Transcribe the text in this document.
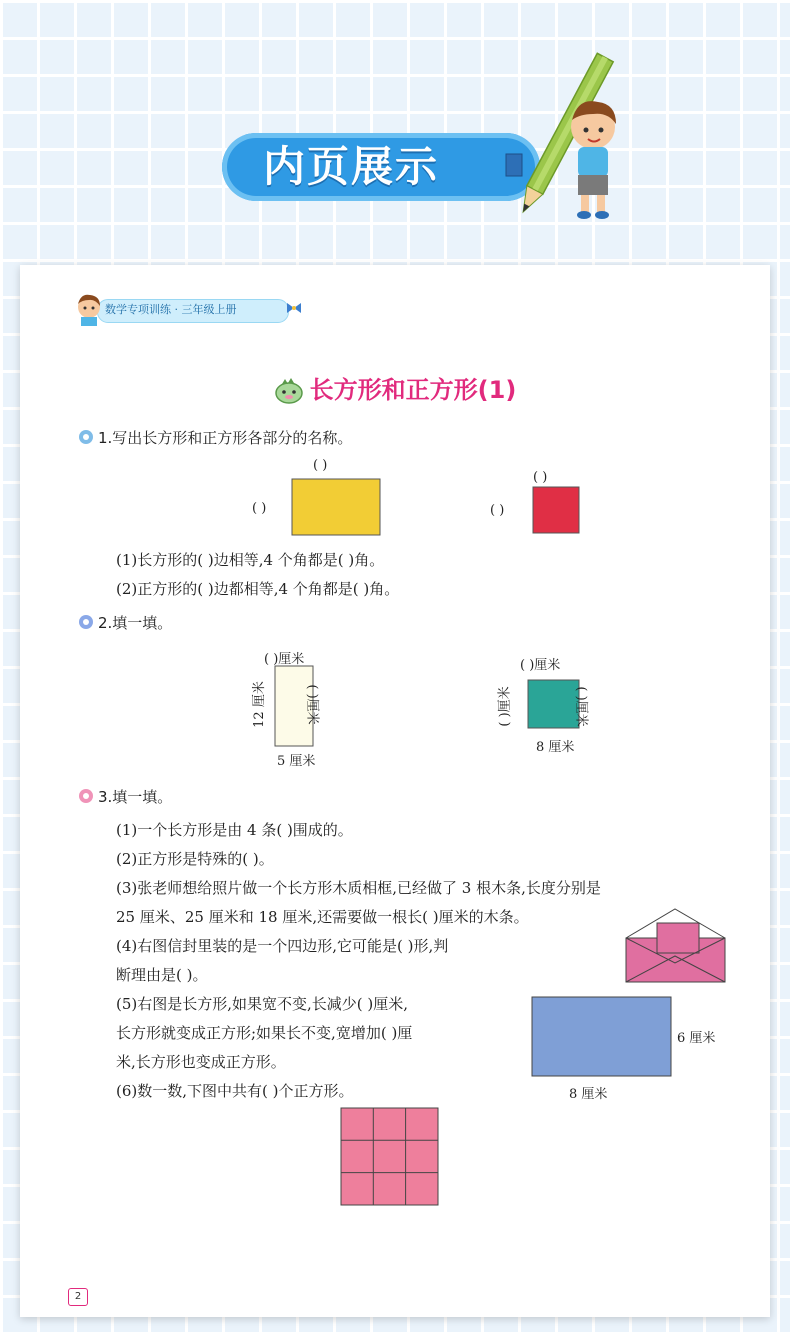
内页展示
数学专项训练 · 三年级上册
长方形和正方形(1)
1.写出长方形和正方形各部分的名称。
( )
( )
( )
( )
(1)长方形的( )边相等,4 个角都是( )角。
(2)正方形的( )边都相等,4 个角都是( )角。
2.填一填。
( )厘米
12 厘米	( )厘米
5 厘米
( )厘米
( )厘米	( )厘米
8 厘米
3.填一填。
(1)一个长方形是由 4 条( )围成的。
(2)正方形是特殊的( )。
(3)张老师想给照片做一个长方形木质相框,已经做了 3 根木条,长度分别是
25 厘米、25 厘米和 18 厘米,还需要做一根长( )厘米的木条。
(4)右图信封里装的是一个四边形,它可能是( )形,判
断理由是( )。
(5)右图是长方形,如果宽不变,长减少( )厘米,
长方形就变成正方形;如果长不变,宽增加( )厘
米,长方形也变成正方形。
(6)数一数,下图中共有( )个正方形。
6 厘米
8 厘米
2
